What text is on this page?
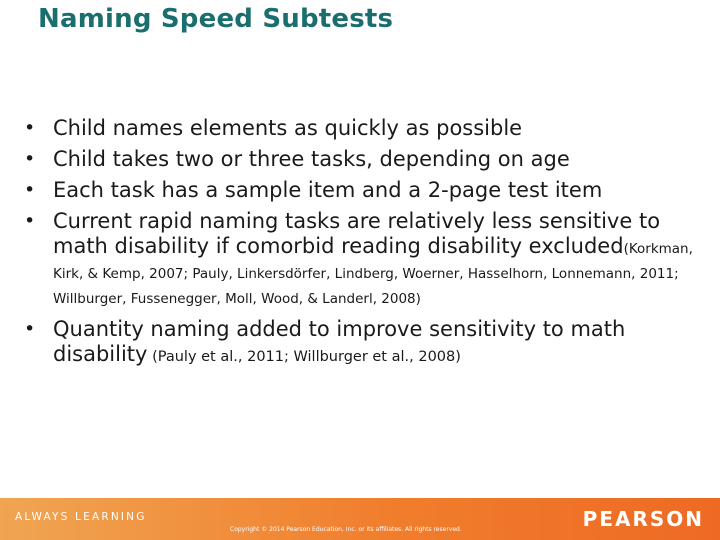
Naming Speed Subtests
• Child names elements as quickly as possible
• Child takes two or three tasks, depending on age
• Each task has a sample item and a 2-page test item
• Current rapid naming tasks are relatively less sensitive to math disability if comorbid reading disability excluded(Korkman, Kirk, & Kemp, 2007; Pauly, Linkersdörfer, Lindberg, Woerner, Hasselhorn, Lonnemann, 2011; Willburger, Fussenegger, Moll, Wood, & Landerl, 2008)
• Quantity naming added to improve sensitivity to math disability (Pauly et al., 2011; Willburger et al., 2008)
ALWAYS LEARNING
Copyright © 2014 Pearson Education, Inc. or its affiliates. All rights reserved.	PEARSON
